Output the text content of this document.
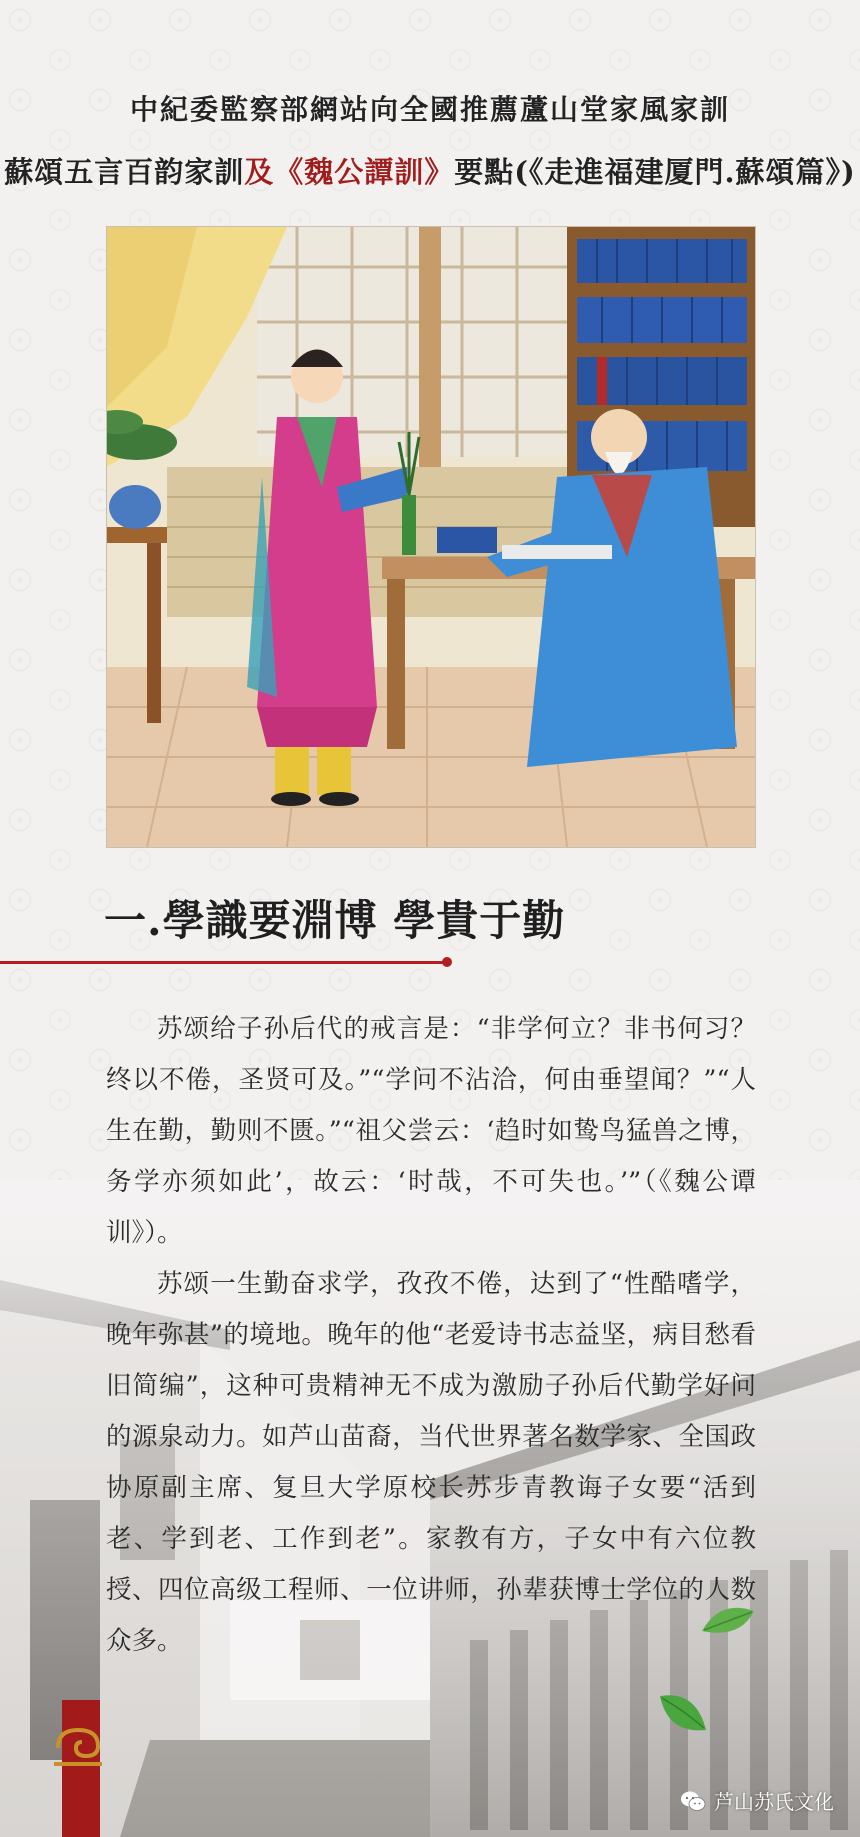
中紀委監察部網站向全國推薦蘆山堂家風家訓
蘇頌五言百韵家訓及《魏公譚訓》要點(《走進福建厦門.蘇頌篇》)
一.學識要淵博 學貴于勤

苏颂给子孙后代的戒言是：“非学何立？非书何习？终以不倦，圣贤可及。”“学问不沾洽，何由垂望闻？”“人生在勤，勤则不匮。”“祖父尝云：‘趋时如鸷鸟猛兽之博，务学亦须如此’，故云：‘时哉，不可失也。’”（《魏公谭训》）。

苏颂一生勤奋求学，孜孜不倦，达到了“性酷嗜学，晚年弥甚”的境地。晚年的他“老爱诗书志益坚，病目愁看旧简编”，这种可贵精神无不成为激励子孙后代勤学好问的源泉动力。如芦山苗裔，当代世界著名数学家、全国政协原副主席、复旦大学原校长苏步青教诲子女要“活到老、学到老、工作到老”。家教有方，子女中有六位教授、四位高级工程师、一位讲师，孙辈获博士学位的人数众多。

芦山苏氏文化
